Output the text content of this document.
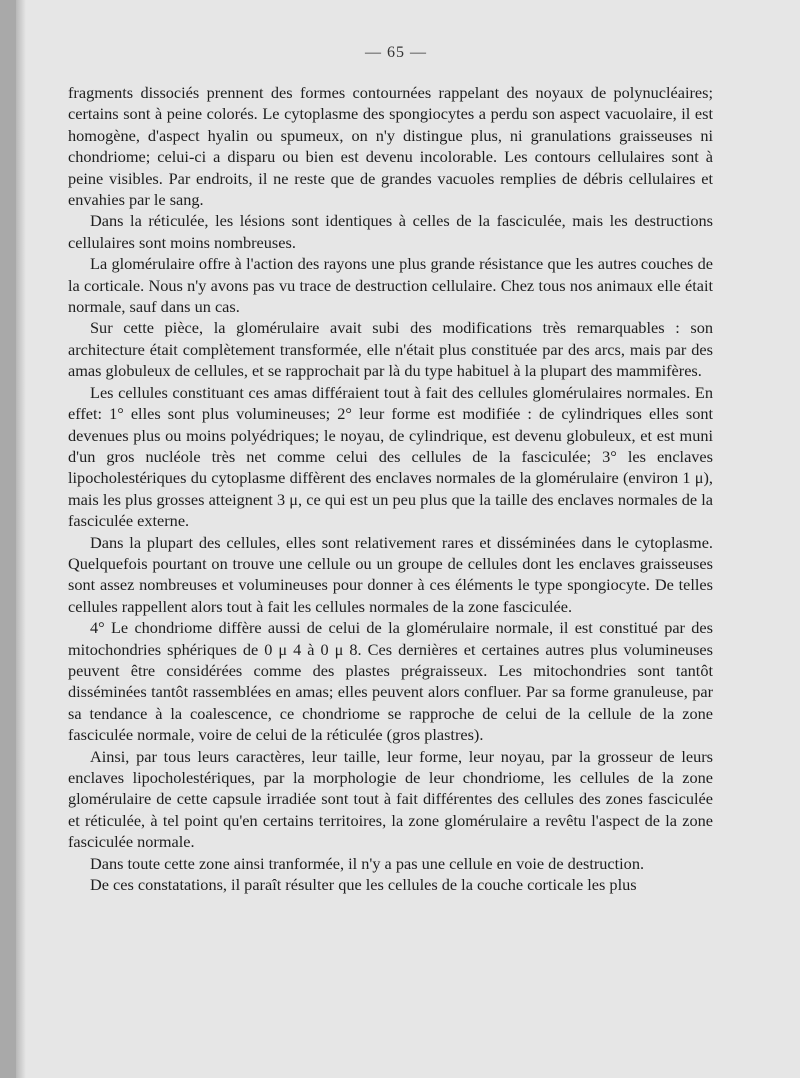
— 65 —

fragments dissociés prennent des formes contournées rappelant des noyaux de polynucléaires; certains sont à peine colorés. Le cytoplasme des spongiocytes a perdu son aspect vacuolaire, il est homogène, d'aspect hyalin ou spumeux, on n'y distingue plus, ni granulations graisseuses ni chondriome; celui-ci a disparu ou bien est devenu incolorable. Les contours cellulaires sont à peine visibles. Par endroits, il ne reste que de grandes vacuoles remplies de débris cellulaires et envahies par le sang.

Dans la réticulée, les lésions sont identiques à celles de la fasciculée, mais les destructions cellulaires sont moins nombreuses.

La glomérulaire offre à l'action des rayons une plus grande résistance que les autres couches de la corticale. Nous n'y avons pas vu trace de destruction cellulaire. Chez tous nos animaux elle était normale, sauf dans un cas.

Sur cette pièce, la glomérulaire avait subi des modifications très remarquables : son architecture était complètement transformée, elle n'était plus constituée par des arcs, mais par des amas globuleux de cellules, et se rapprochait par là du type habituel à la plupart des mammifères.

Les cellules constituant ces amas différaient tout à fait des cellules glomérulaires normales. En effet: 1° elles sont plus volumineuses; 2° leur forme est modifiée : de cylindriques elles sont devenues plus ou moins polyédriques; le noyau, de cylindrique, est devenu globuleux, et est muni d'un gros nucléole très net comme celui des cellules de la fasciculée; 3° les enclaves lipocholestériques du cytoplasme diffèrent des enclaves normales de la glomérulaire (environ 1 μ), mais les plus grosses atteignent 3 μ, ce qui est un peu plus que la taille des enclaves normales de la fasciculée externe.

Dans la plupart des cellules, elles sont relativement rares et disséminées dans le cytoplasme. Quelquefois pourtant on trouve une cellule ou un groupe de cellules dont les enclaves graisseuses sont assez nombreuses et volumineuses pour donner à ces éléments le type spongiocyte. De telles cellules rappellent alors tout à fait les cellules normales de la zone fasciculée.

4° Le chondriome diffère aussi de celui de la glomérulaire normale, il est constitué par des mitochondries sphériques de 0 μ 4 à 0 μ 8. Ces dernières et certaines autres plus volumineuses peuvent être considérées comme des plastes prégraisseux. Les mitochondries sont tantôt disséminées tantôt rassemblées en amas; elles peuvent alors confluer. Par sa forme granuleuse, par sa tendance à la coalescence, ce chondriome se rapproche de celui de la cellule de la zone fasciculée normale, voire de celui de la réticulée (gros plastres).

Ainsi, par tous leurs caractères, leur taille, leur forme, leur noyau, par la grosseur de leurs enclaves lipocholestériques, par la morphologie de leur chondriome, les cellules de la zone glomérulaire de cette capsule irradiée sont tout à fait différentes des cellules des zones fasciculée et réticulée, à tel point qu'en certains territoires, la zone glomérulaire a revêtu l'aspect de la zone fasciculée normale.

Dans toute cette zone ainsi tranformée, il n'y a pas une cellule en voie de destruction.

De ces constatations, il paraît résulter que les cellules de la couche corticale les plus
